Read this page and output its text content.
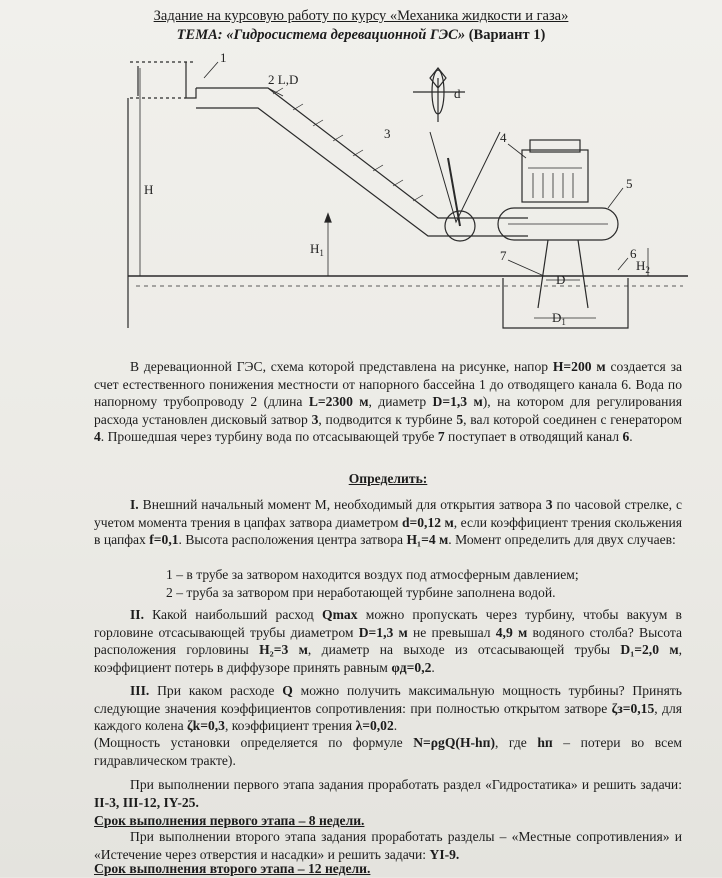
Задание на курсовую работу по курсу «Механика жидкости и газа»
ТЕМА: «Гидросистема деревационной ГЭС» (Вариант 1)
1
2 L,D
3	4
5
6
7
d
H
$H_1$
$H_2$
D
$D_1$
В деревационной ГЭС, схема которой представлена на рисунке, напор H=200 м создается за счет естественного понижения местности от напорного бассейна 1 до отводящего канала 6. Вода по напорному трубопроводу 2 (длина L=2300 м, диаметр D=1,3 м), на котором для регулирования расхода установлен дисковый затвор 3, подводится к турбине 5, вал которой соединен с генератором 4. Прошедшая через турбину вода по отсасывающей трубе 7 поступает в отводящий канал 6.
Определить:
I. Внешний начальный момент М, необходимый для открытия затвора 3 по часовой стрелке, с учетом момента трения в цапфах затвора диаметром d=0,12 м, если коэффициент трения скольжения в цапфах f=0,1. Высота расположения центра затвора H₁=4 м. Момент определить для двух случаев:
1 – в трубе за затвором находится воздух под атмосферным давлением;
2 – труба за затвором при неработающей турбине заполнена водой.
II. Какой наибольший расход Qmax можно пропускать через турбину, чтобы вакуум в горловине отсасывающей трубы диаметром D=1,3 м не превышал 4,9 м водяного столба? Высота расположения горловины H₂=3 м, диаметр на выходе из отсасывающей трубы D₁=2,0 м, коэффициент потерь в диффузоре принять равным φд=0,2.
III. При каком расходе Q можно получить максимальную мощность турбины? Принять следующие значения коэффициентов сопротивления: при полностью открытом затворе ζз=0,15, для каждого колена ζk=0,3, коэффициент трения λ=0,02.
(Мощность установки определяется по формуле N=ρgQ(H-hп), где hп – потери во всем гидравлическом тракте).
При выполнении первого этапа задания проработать раздел «Гидростатика» и решить задачи: II-3, III-12, IY-25.
Срок выполнения первого этапа – 8 недели.
При выполнении второго этапа задания проработать разделы – «Местные сопротивления» и «Истечение через отверстия и насадки» и решить задачи: YI-9.
Срок выполнения второго этапа – 12 недели.
